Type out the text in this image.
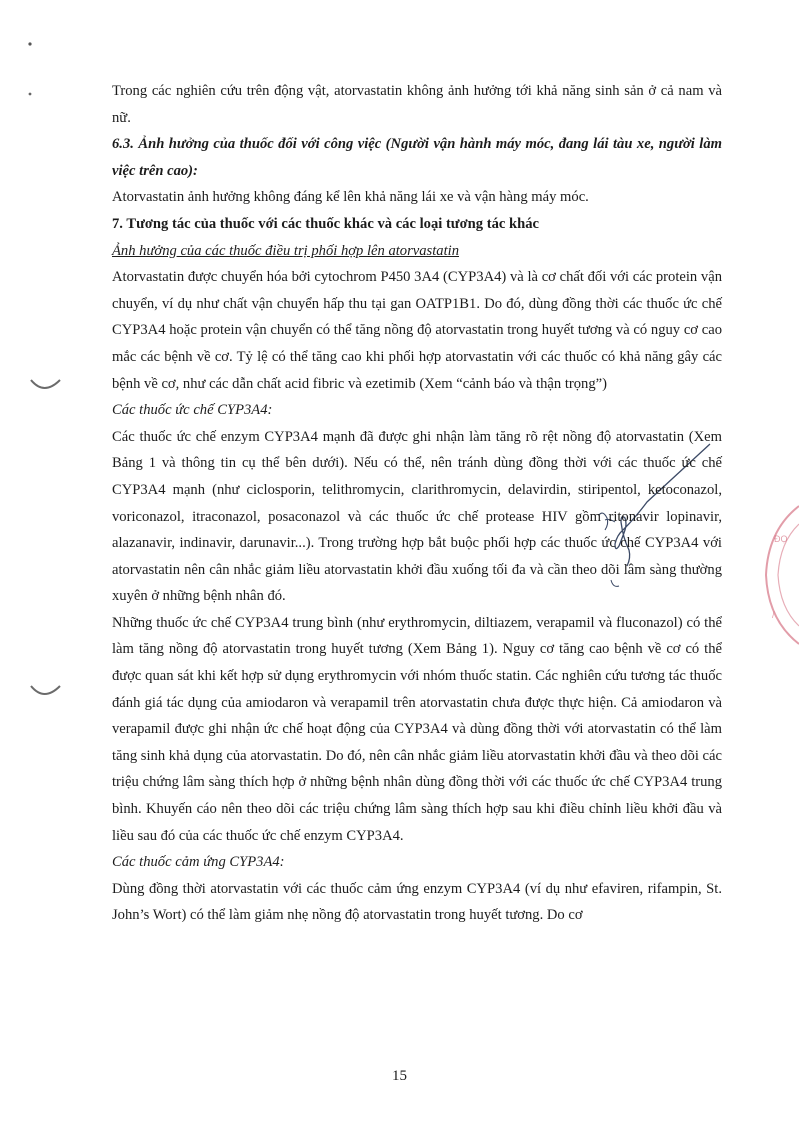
ĐỌ
/

Trong các nghiên cứu trên động vật, atorvastatin không ảnh hưởng tới khả năng sinh sản ở cả nam và nữ.

6.3. Ảnh hưởng của thuốc đối với công việc (Người vận hành máy móc, đang lái tàu xe, người làm việc trên cao):

Atorvastatin ảnh hưởng không đáng kể lên khả năng lái xe và vận hàng máy móc.

7. Tương tác của thuốc với các thuốc khác và các loại tương tác khác

Ảnh hưởng của các thuốc điều trị phối hợp lên atorvastatin

Atorvastatin được chuyển hóa bởi cytochrom P450 3A4 (CYP3A4) và là cơ chất đối với các protein vận chuyển, ví dụ như chất vận chuyển hấp thu tại gan OATP1B1. Do đó, dùng đồng thời các thuốc ức chế CYP3A4 hoặc protein vận chuyển có thể tăng nồng độ atorvastatin trong huyết tương và có nguy cơ cao mắc các bệnh về cơ. Tỷ lệ có thể tăng cao khi phối hợp atorvastatin với các thuốc có khả năng gây các bệnh về cơ, như các dẫn chất acid fibric và ezetimib (Xem “cảnh báo và thận trọng”)

Các thuốc ức chế CYP3A4:

Các thuốc ức chế enzym CYP3A4 mạnh đã được ghi nhận làm tăng rõ rệt nồng độ atorvastatin (Xem Bảng 1 và thông tin cụ thể bên dưới). Nếu có thể, nên tránh dùng đồng thời với các thuốc ức chế CYP3A4 mạnh (như ciclosporin, telithromycin, clarithromycin, delavirdin, stiripentol, ketoconazol, voriconazol, itraconazol, posaconazol và các thuốc ức chế protease HIV gồm ritonavir lopinavir, alazanavir, indinavir, darunavir...). Trong trường hợp bắt buộc phối hợp các thuốc ức chế CYP3A4 với atorvastatin nên cân nhắc giảm liều atorvastatin khởi đầu xuống tối đa và cần theo dõi lâm sàng thường xuyên ở những bệnh nhân đó.

Những thuốc ức chế CYP3A4 trung bình (như erythromycin, diltiazem, verapamil và fluconazol) có thể làm tăng nồng độ atorvastatin trong huyết tương (Xem Bảng 1). Nguy cơ tăng cao bệnh về cơ có thể được quan sát khi kết hợp sử dụng erythromycin với nhóm thuốc statin. Các nghiên cứu tương tác thuốc đánh giá tác dụng của amiodaron và verapamil trên atorvastatin chưa được thực hiện. Cả amiodaron và verapamil được ghi nhận ức chế hoạt động của CYP3A4 và dùng đồng thời với atorvastatin có thể làm tăng sinh khả dụng của atorvastatin. Do đó, nên cân nhắc giảm liều atorvastatin khởi đầu và theo dõi các triệu chứng lâm sàng thích hợp ở những bệnh nhân dùng đồng thời với các thuốc ức chế CYP3A4 trung bình. Khuyến cáo nên theo dõi các triệu chứng lâm sàng thích hợp sau khi điều chỉnh liều khởi đầu và liều sau đó của các thuốc ức chế enzym CYP3A4.

Các thuốc cảm ứng CYP3A4:

Dùng đồng thời atorvastatin với các thuốc cảm ứng enzym CYP3A4 (ví dụ như efaviren, rifampin, St. John’s Wort) có thể làm giảm nhẹ nồng độ atorvastatin trong huyết tương. Do cơ

15
